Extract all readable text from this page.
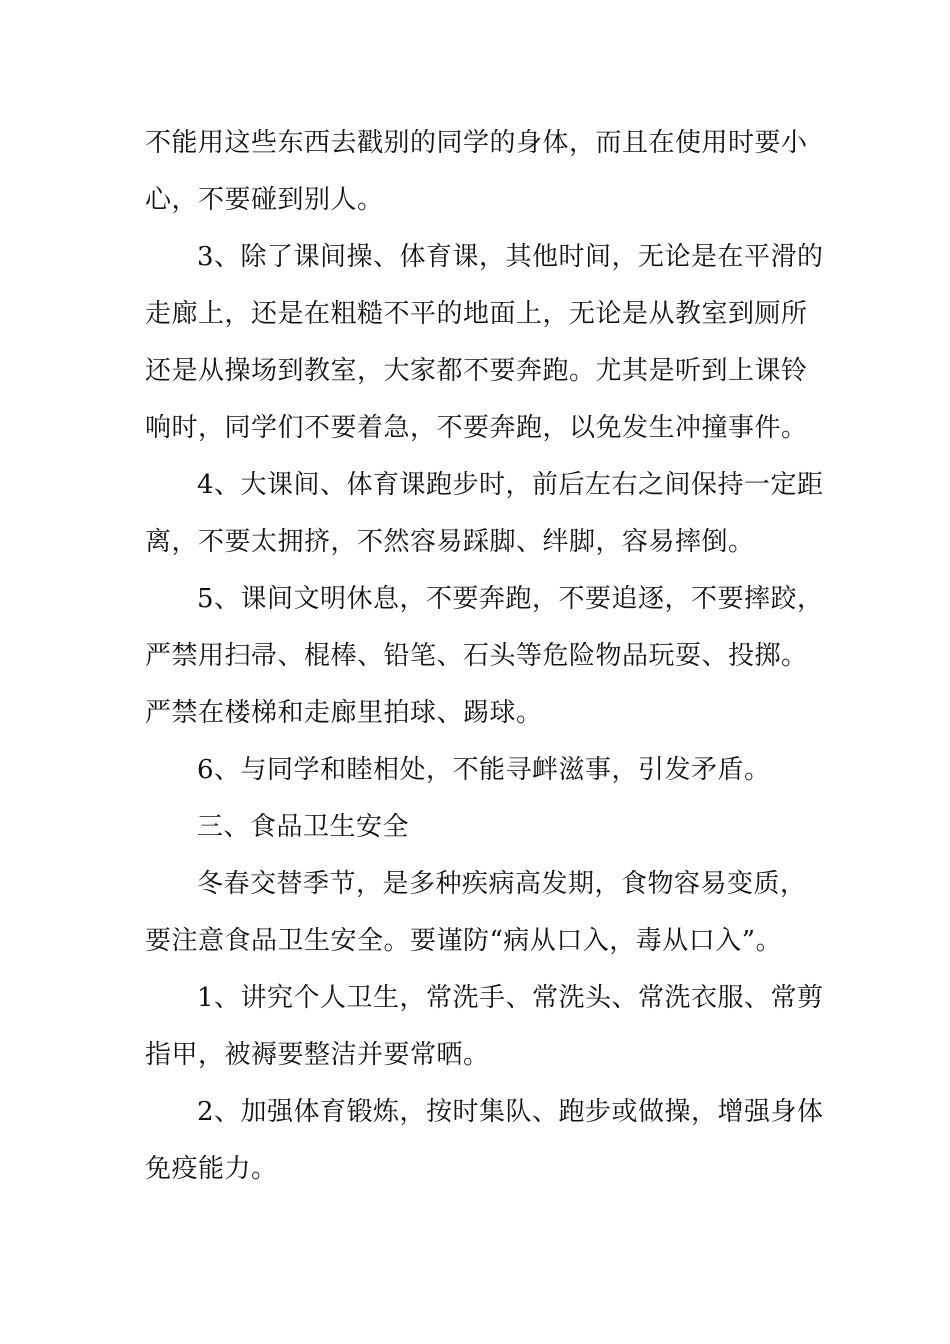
不能用这些东西去戳别的同学的身体，而且在使用时要小
心，不要碰到别人。
3、除了课间操、体育课，其他时间，无论是在平滑的
走廊上，还是在粗糙不平的地面上，无论是从教室到厕所
还是从操场到教室，大家都不要奔跑。尤其是听到上课铃
响时，同学们不要着急，不要奔跑，以免发生冲撞事件。
4、大课间、体育课跑步时，前后左右之间保持一定距
离，不要太拥挤，不然容易踩脚、绊脚，容易摔倒。
5、课间文明休息，不要奔跑，不要追逐，不要摔跤，
严禁用扫帚、棍棒、铅笔、石头等危险物品玩耍、投掷。
严禁在楼梯和走廊里拍球、踢球。
6、与同学和睦相处，不能寻衅滋事，引发矛盾。
三、食品卫生安全
冬春交替季节，是多种疾病高发期，食物容易变质，
要注意食品卫生安全。要谨防“病从口入，毒从口入”。
1、讲究个人卫生，常洗手、常洗头、常洗衣服、常剪
指甲，被褥要整洁并要常晒。
2、加强体育锻炼，按时集队、跑步或做操，增强身体
免疫能力。
